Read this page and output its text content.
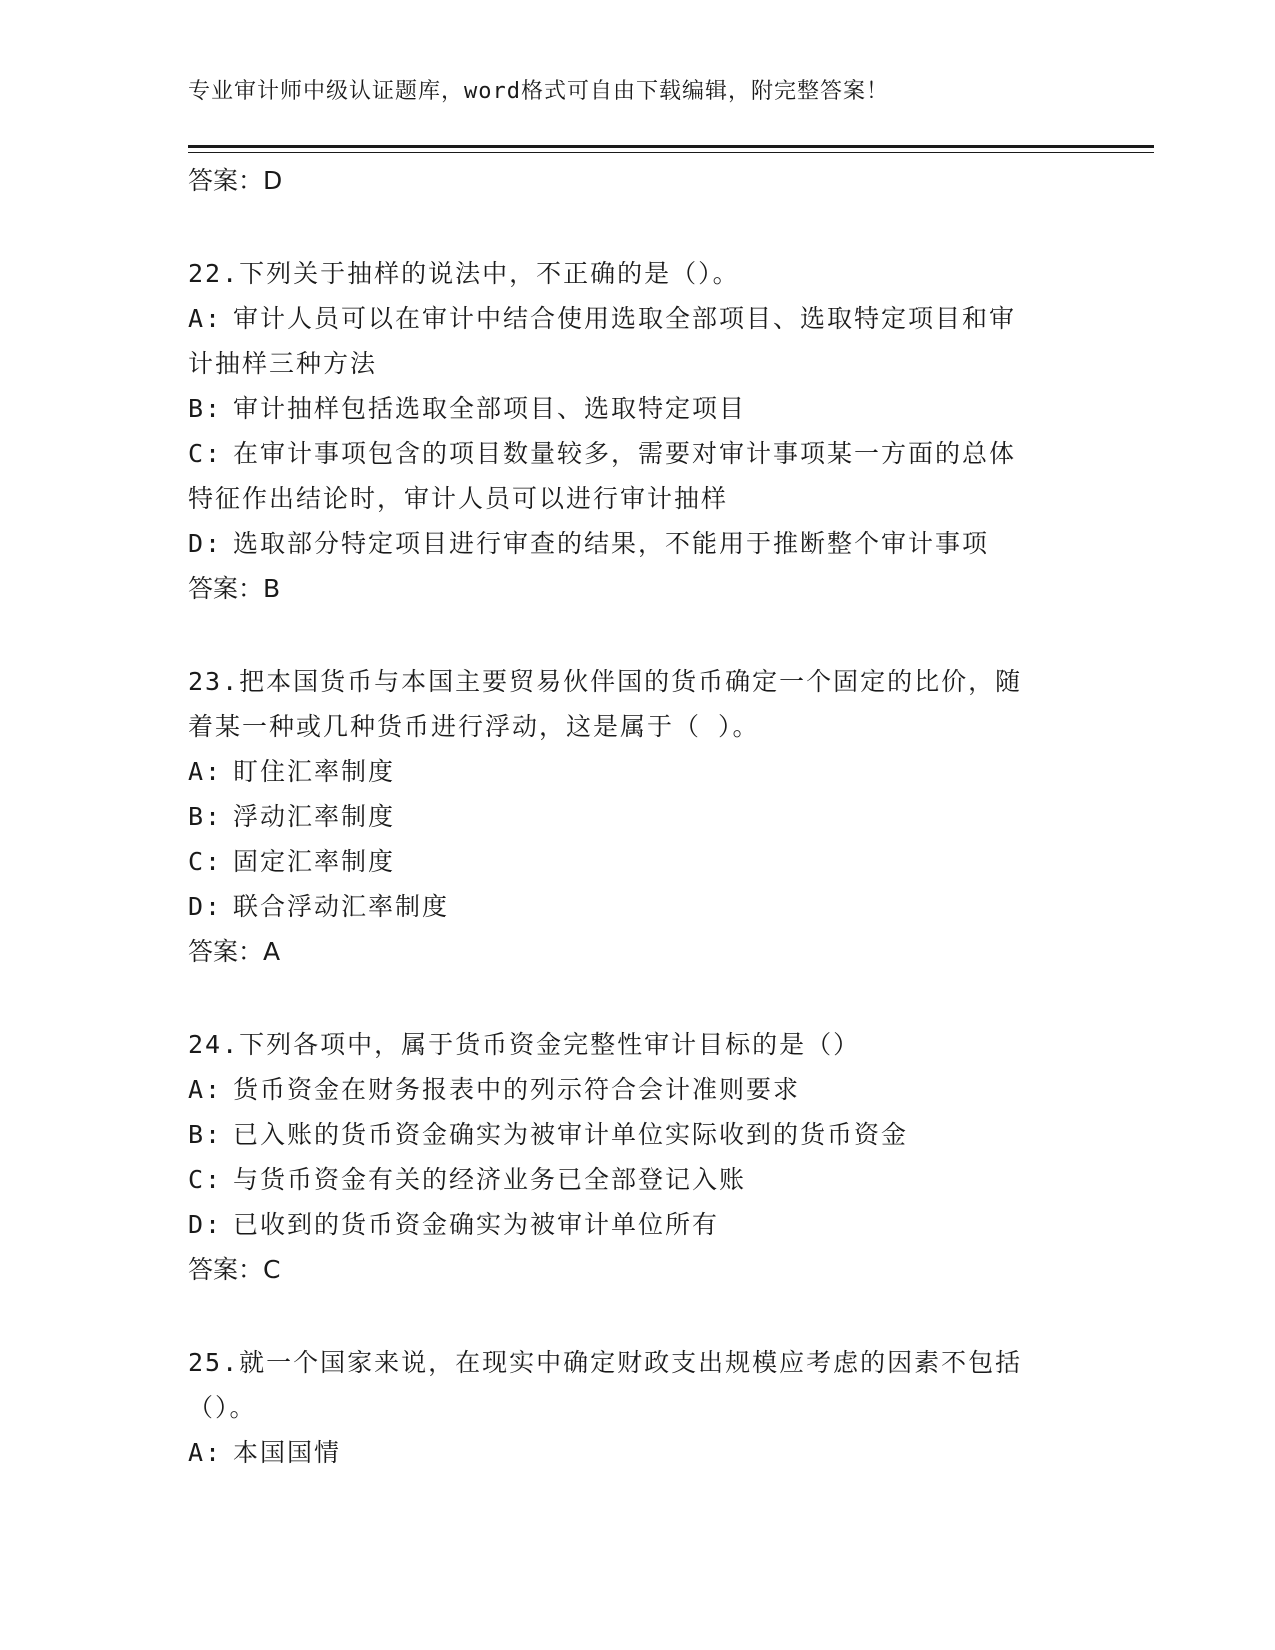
专业审计师中级认证题库，word格式可自由下载编辑，附完整答案！
答案：D
22.下列关于抽样的说法中，不正确的是（）。
A: 审计人员可以在审计中结合使用选取全部项目、选取特定项目和审
计抽样三种方法
B: 审计抽样包括选取全部项目、选取特定项目
C: 在审计事项包含的项目数量较多，需要对审计事项某一方面的总体
特征作出结论时，审计人员可以进行审计抽样
D: 选取部分特定项目进行审查的结果，不能用于推断整个审计事项
答案：B
23.把本国货币与本国主要贸易伙伴国的货币确定一个固定的比价，随
着某一种或几种货币进行浮动，这是属于（ ）。
A: 盯住汇率制度
B: 浮动汇率制度
C: 固定汇率制度
D: 联合浮动汇率制度
答案：A
24.下列各项中，属于货币资金完整性审计目标的是（）
A: 货币资金在财务报表中的列示符合会计准则要求
B: 已入账的货币资金确实为被审计单位实际收到的货币资金
C: 与货币资金有关的经济业务已全部登记入账
D: 已收到的货币资金确实为被审计单位所有
答案：C
25.就一个国家来说，在现实中确定财政支出规模应考虑的因素不包括
（）。
A: 本国国情
